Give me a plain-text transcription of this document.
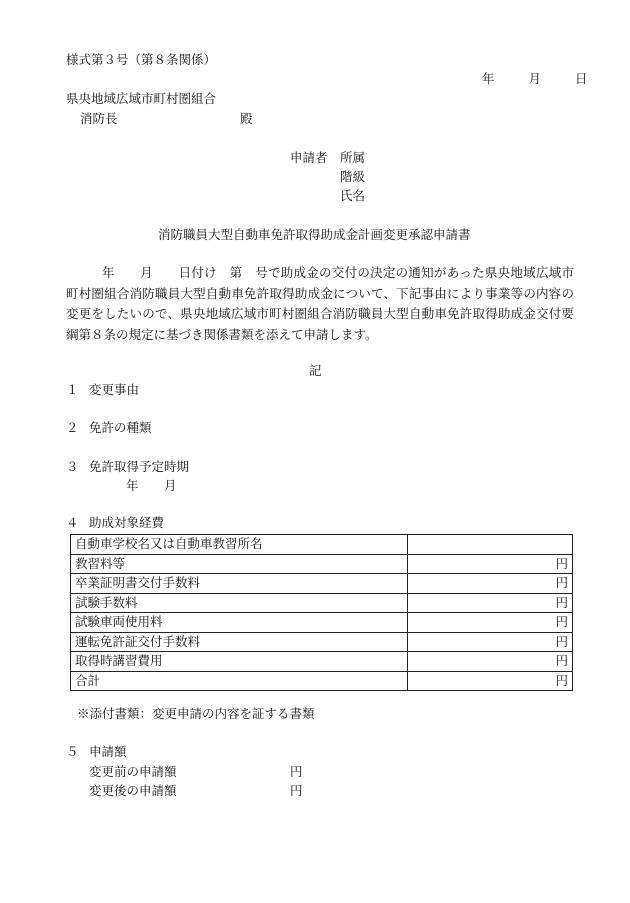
様式第３号（第８条関係）
年	月	日
県央地域広域市町村圏組合
消防長	殿
申請者 所属
階級
氏名
消防職員大型自動車免許取得助成金計画変更承認申請書
年　　月　　日付け　第　号で助成金の交付の決定の通知があった県央地域広域市町村圏組合消防職員大型自動車免許取得助成金について、下記事由により事業等の内容の変更をしたいので、県央地域広域市町村圏組合消防職員大型自動車免許取得助成金交付要綱第８条の規定に基づき関係書類を添えて申請します。
記
１ 変更事由
２ 免許の種類
３ 免許取得予定時期
年 月
４ 助成対象経費
自動車学校名又は自動車教習所名	
教習料等	円
卒業証明書交付手数料	円
試験手数料	円
試験車両使用料	円
運転免許証交付手数料	円
取得時講習費用	円
合計	円
※添付書類：変更申請の内容を証する書類
５ 申請額
変更前の申請額	円
変更後の申請額	円
